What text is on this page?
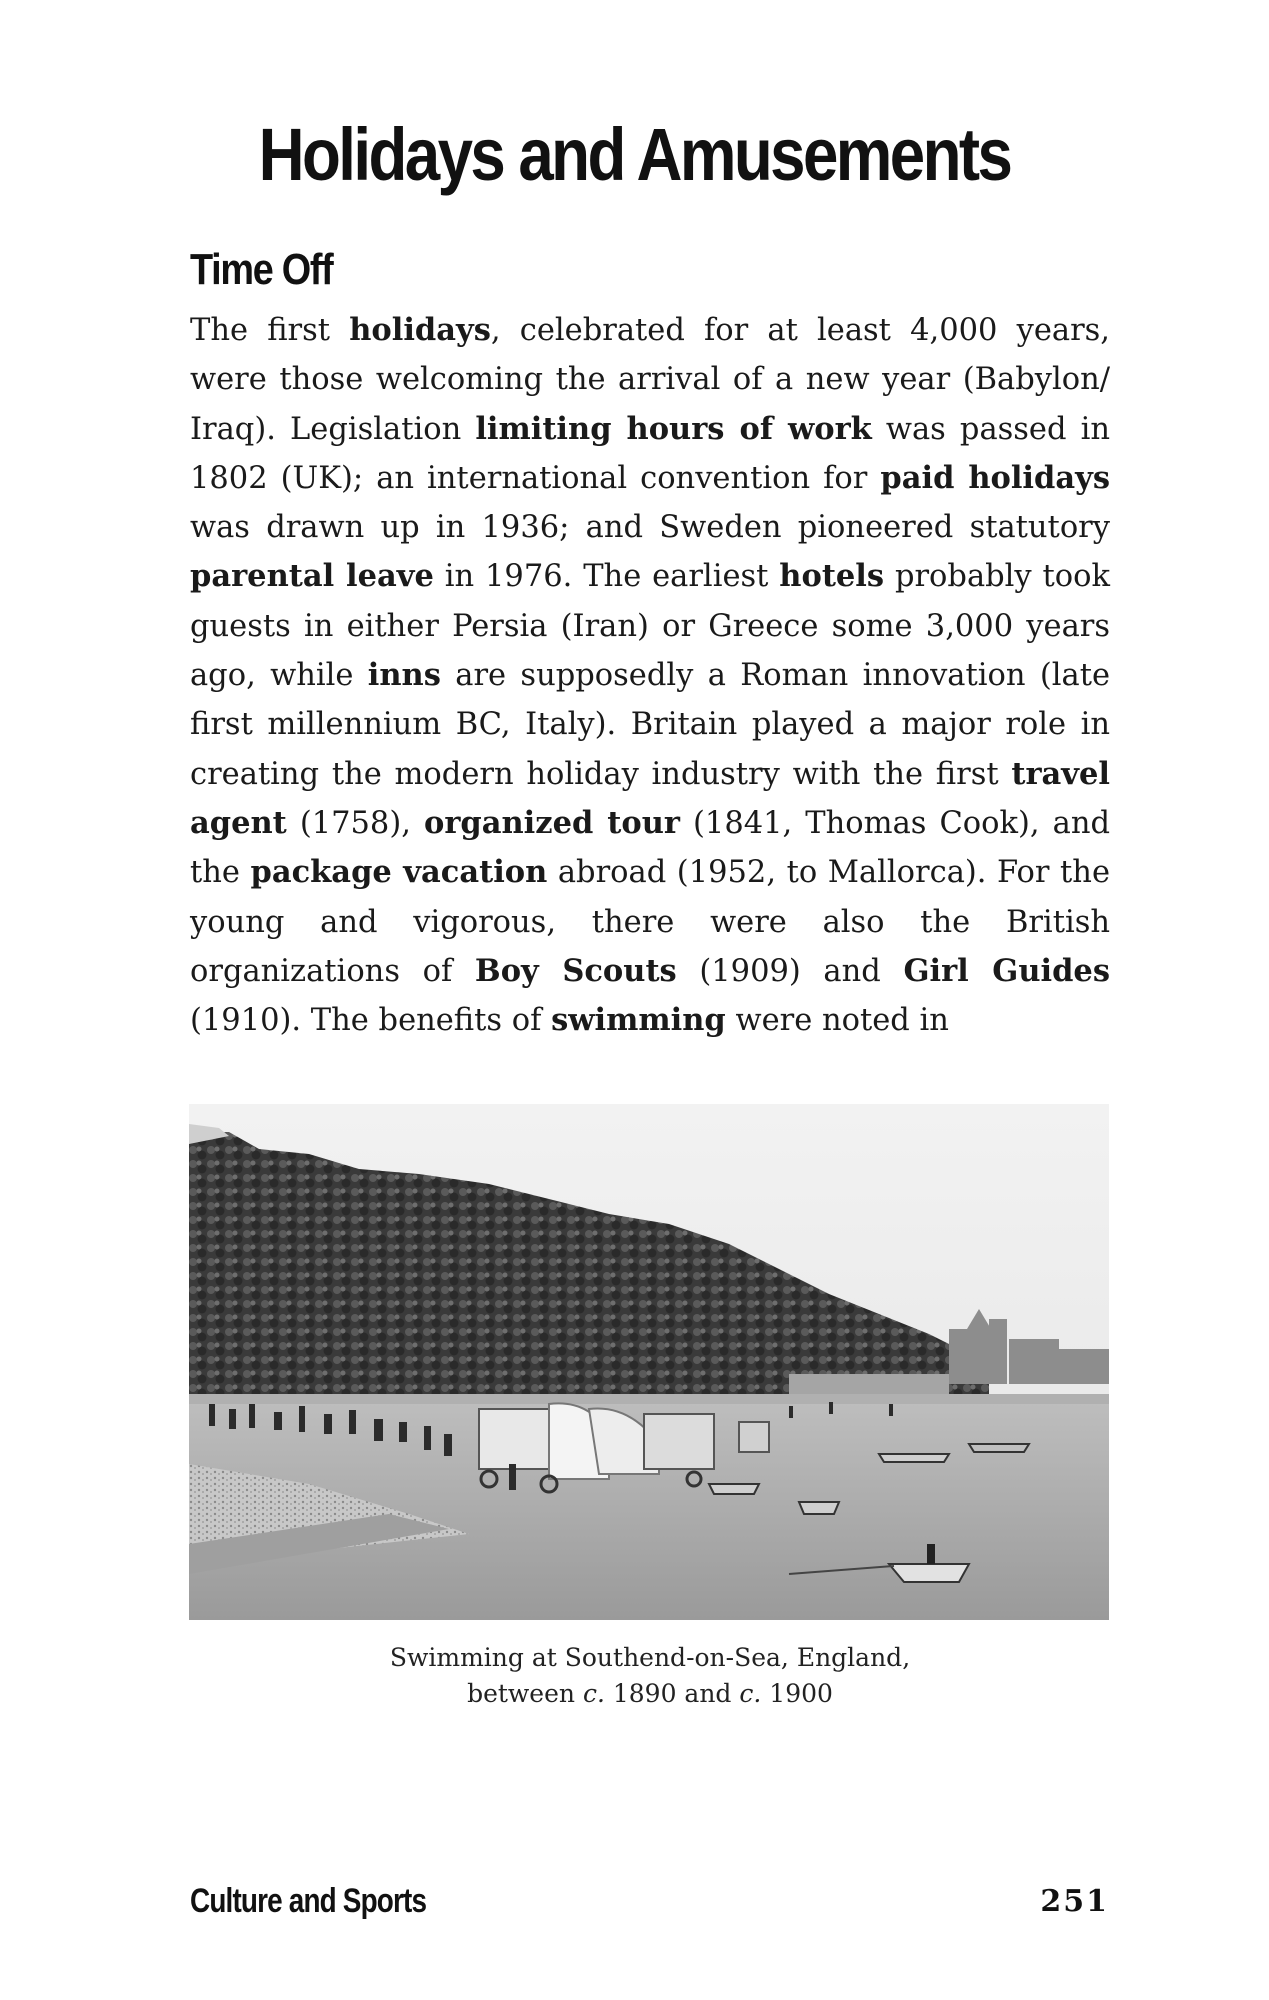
Holidays and Amusements
Time Off

The first holidays, celebrated for at least 4,000 years, were those welcoming the arrival of a new year (Babylon/ Iraq). Legislation limiting hours of work was passed in 1802 (UK); an international convention for paid holidays was drawn up in 1936; and Sweden pioneered statutory parental leave in 1976. The earliest hotels probably took guests in either Persia (Iran) or Greece some 3,000 years ago, while inns are supposedly a Roman innovation (late first millennium BC, Italy). Britain played a major role in creating the modern holiday industry with the first travel agent (1758), organized tour (1841, Thomas Cook), and the package vacation abroad (1952, to Mallorca). For the young and vigorous, there were also the British organizations of Boy Scouts (1909) and Girl Guides (1910). The benefits of swimming were noted in

Swimming at Southend-on-Sea, England,
between c. 1890 and c. 1900
Culture and Sports	251
